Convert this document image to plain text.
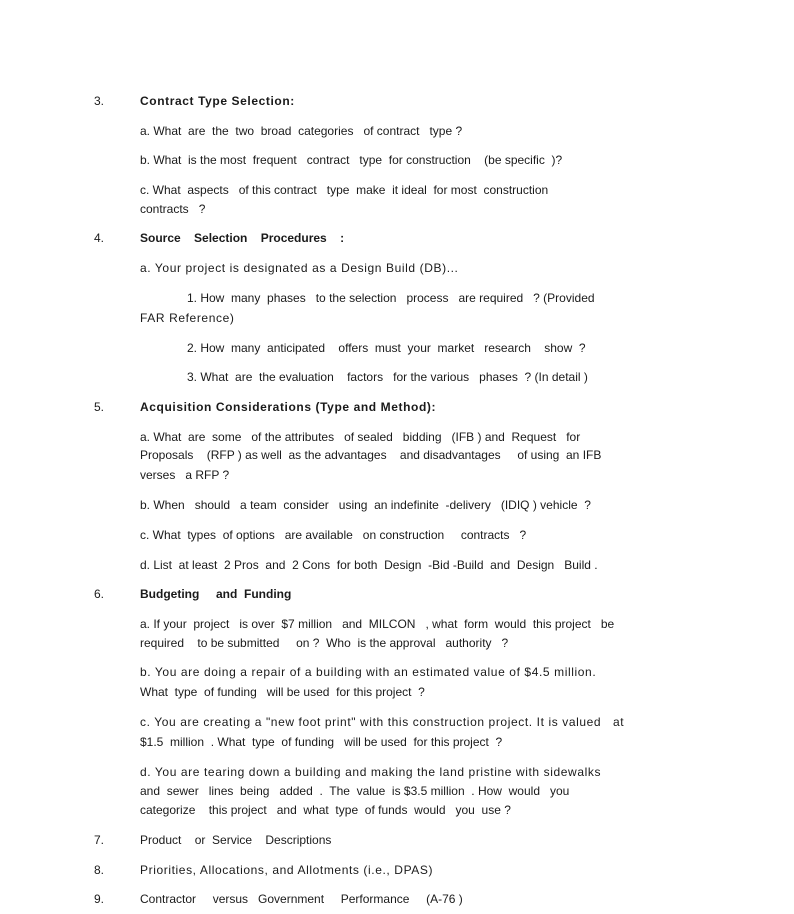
3.	Contract Type Selection:
a. What  are  the  two  broad  categories   of contract   type ?
b. What  is the most  frequent   contract   type  for construction    (be specific  )?
c. What  aspects   of this contract   type  make  it ideal  for most  construction
contracts   ?
4.	Source    Selection    Procedures    :
a. Your project is designated as a Design Build (DB)...
1. How  many  phases   to the selection   process   are required   ? (Provided
FAR Reference)
2. How  many  anticipated    offers  must  your  market   research    show  ?
3. What  are  the evaluation    factors   for the various   phases  ? (In detail )
5.	Acquisition Considerations (Type and Method):
a. What  are  some   of the attributes   of sealed   bidding   (IFB ) and  Request   for
Proposals    (RFP ) as well  as the advantages    and disadvantages     of using  an IFB
verses   a RFP ?
b. When   should   a team  consider   using  an indefinite  -delivery   (IDIQ ) vehicle  ?
c. What  types  of options   are available   on construction     contracts   ?
d. List  at least  2 Pros  and  2 Cons  for both  Design  -Bid -Build  and  Design   Build .
6.	Budgeting     and  Funding
a. If your  project   is over  $7 million   and  MILCON   , what  form  would  this project   be
required    to be submitted     on ?  Who  is the approval   authority   ?
b. You are doing a repair of a building with an estimated value of $4.5 million.
What  type  of funding   will be used  for this project  ?
c. You are creating a "new foot print" with this construction project. It is valued   at
$1.5  million  . What  type  of funding   will be used  for this project  ?
d. You are tearing down a building and making the land pristine with sidewalks
and  sewer   lines  being   added  .  The  value  is $3.5 million  . How  would   you
categorize    this project   and  what  type  of funds  would   you  use ?
7.	Product    or  Service    Descriptions
8.	Priorities, Allocations, and Allotments (i.e., DPAS)
9.	Contractor     versus   Government     Performance     (A-76 )
